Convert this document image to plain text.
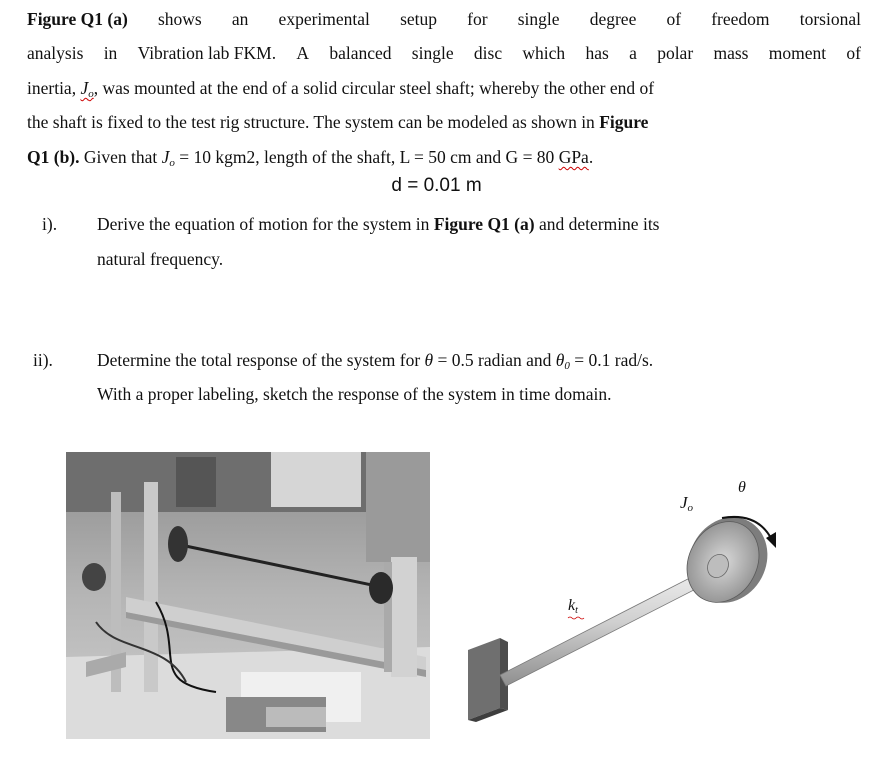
Figure Q1 (a) shows an experimental setup for single degree of freedom torsional
analysis in Vibration lab FKM. A balanced single disc which has a polar mass moment of
inertia, $J_o$, was mounted at the end of a solid circular steel shaft; whereby the other end of
the shaft is fixed to the test rig structure. The system can be modeled as shown in Figure
Q1 (b). Given that $J_o = 10$ kgm2, length of the shaft, L = 50 cm and G = 80 GPa.
d = 0.01 m
i). Derive the equation of motion for the system in Figure Q1 (a) and determine its
natural frequency.
ii).	Determine the total response of the system for θ = 0.5 radian and $\theta_0 = 0.1$ rad/s.
With a proper labeling, sketch the response of the system in time domain.
Jo
θ
kt
